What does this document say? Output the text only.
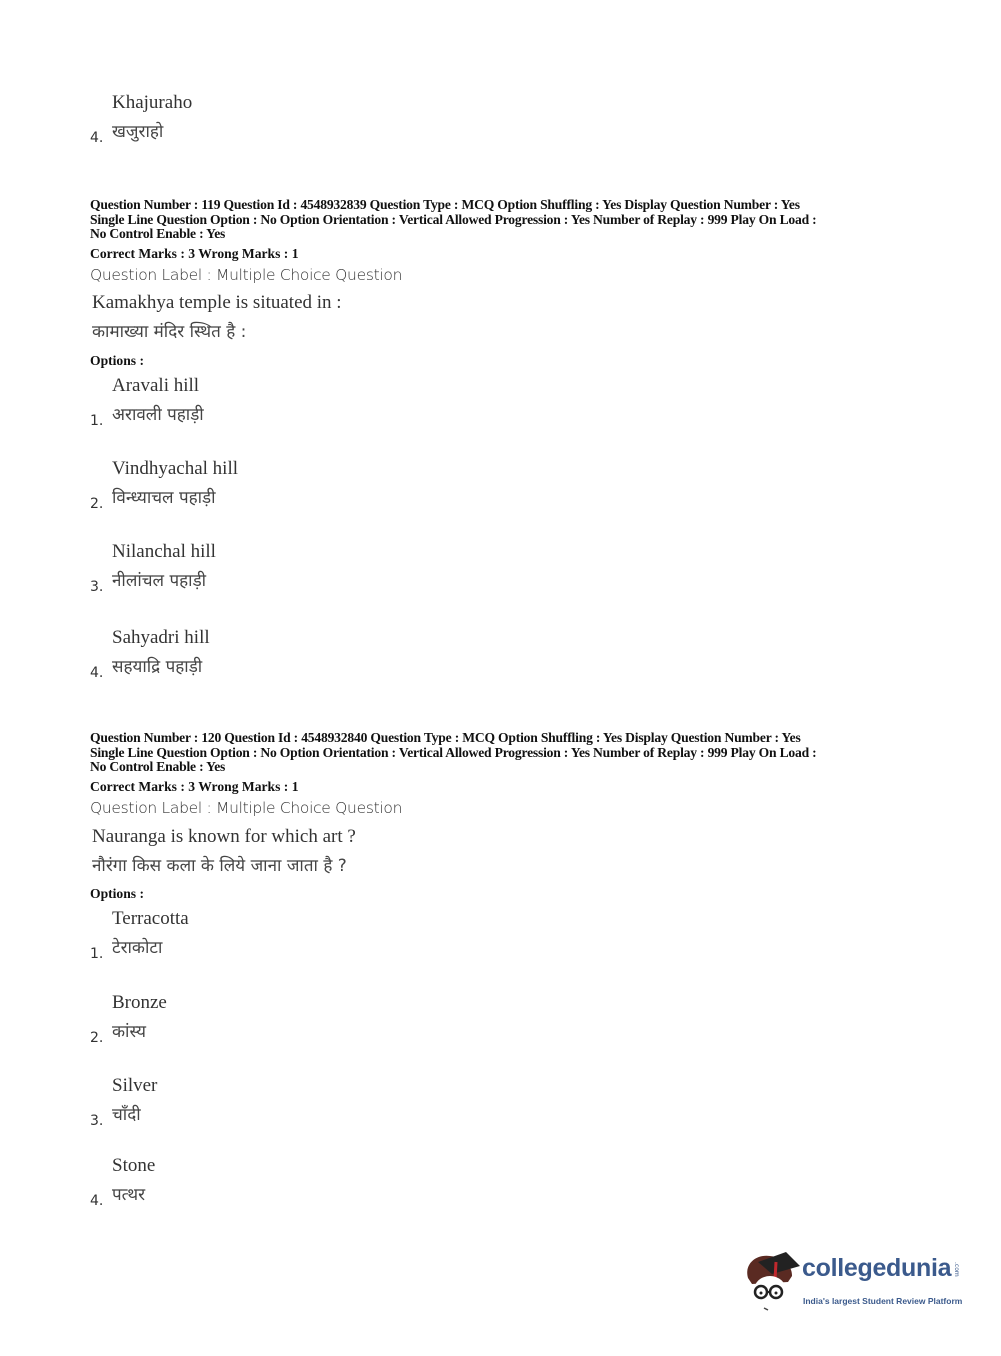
Khajuraho
खजुराहो
4.
Question Number : 119 Question Id : 4548932839 Question Type : MCQ Option Shuffling : Yes Display Question Number : Yes
Single Line Question Option : No Option Orientation : Vertical Allowed Progression : Yes Number of Replay : 999 Play On Load :
No Control Enable : Yes
Correct Marks : 3 Wrong Marks : 1
Question Label : Multiple Choice Question
Kamakhya temple is situated in :
कामाख्या मंदिर स्थित है :
Options :
Aravali hill
अरावली पहाड़ी
1.
Vindhyachal hill
विन्ध्याचल पहाड़ी
2.
Nilanchal hill
नीलांचल पहाड़ी
3.
Sahyadri hill
सहयाद्रि पहाड़ी
4.
Question Number : 120 Question Id : 4548932840 Question Type : MCQ Option Shuffling : Yes Display Question Number : Yes
Single Line Question Option : No Option Orientation : Vertical Allowed Progression : Yes Number of Replay : 999 Play On Load :
No Control Enable : Yes
Correct Marks : 3 Wrong Marks : 1
Question Label : Multiple Choice Question
Nauranga is known for which art ?
नौरंगा किस कला के लिये जाना जाता है ?
Options :
Terracotta
टेराकोटा
1.
Bronze
कांस्य
2.
Silver
चाँदी
3.
Stone
पत्थर
4.
collegedunia .com
India's largest Student Review Platform
